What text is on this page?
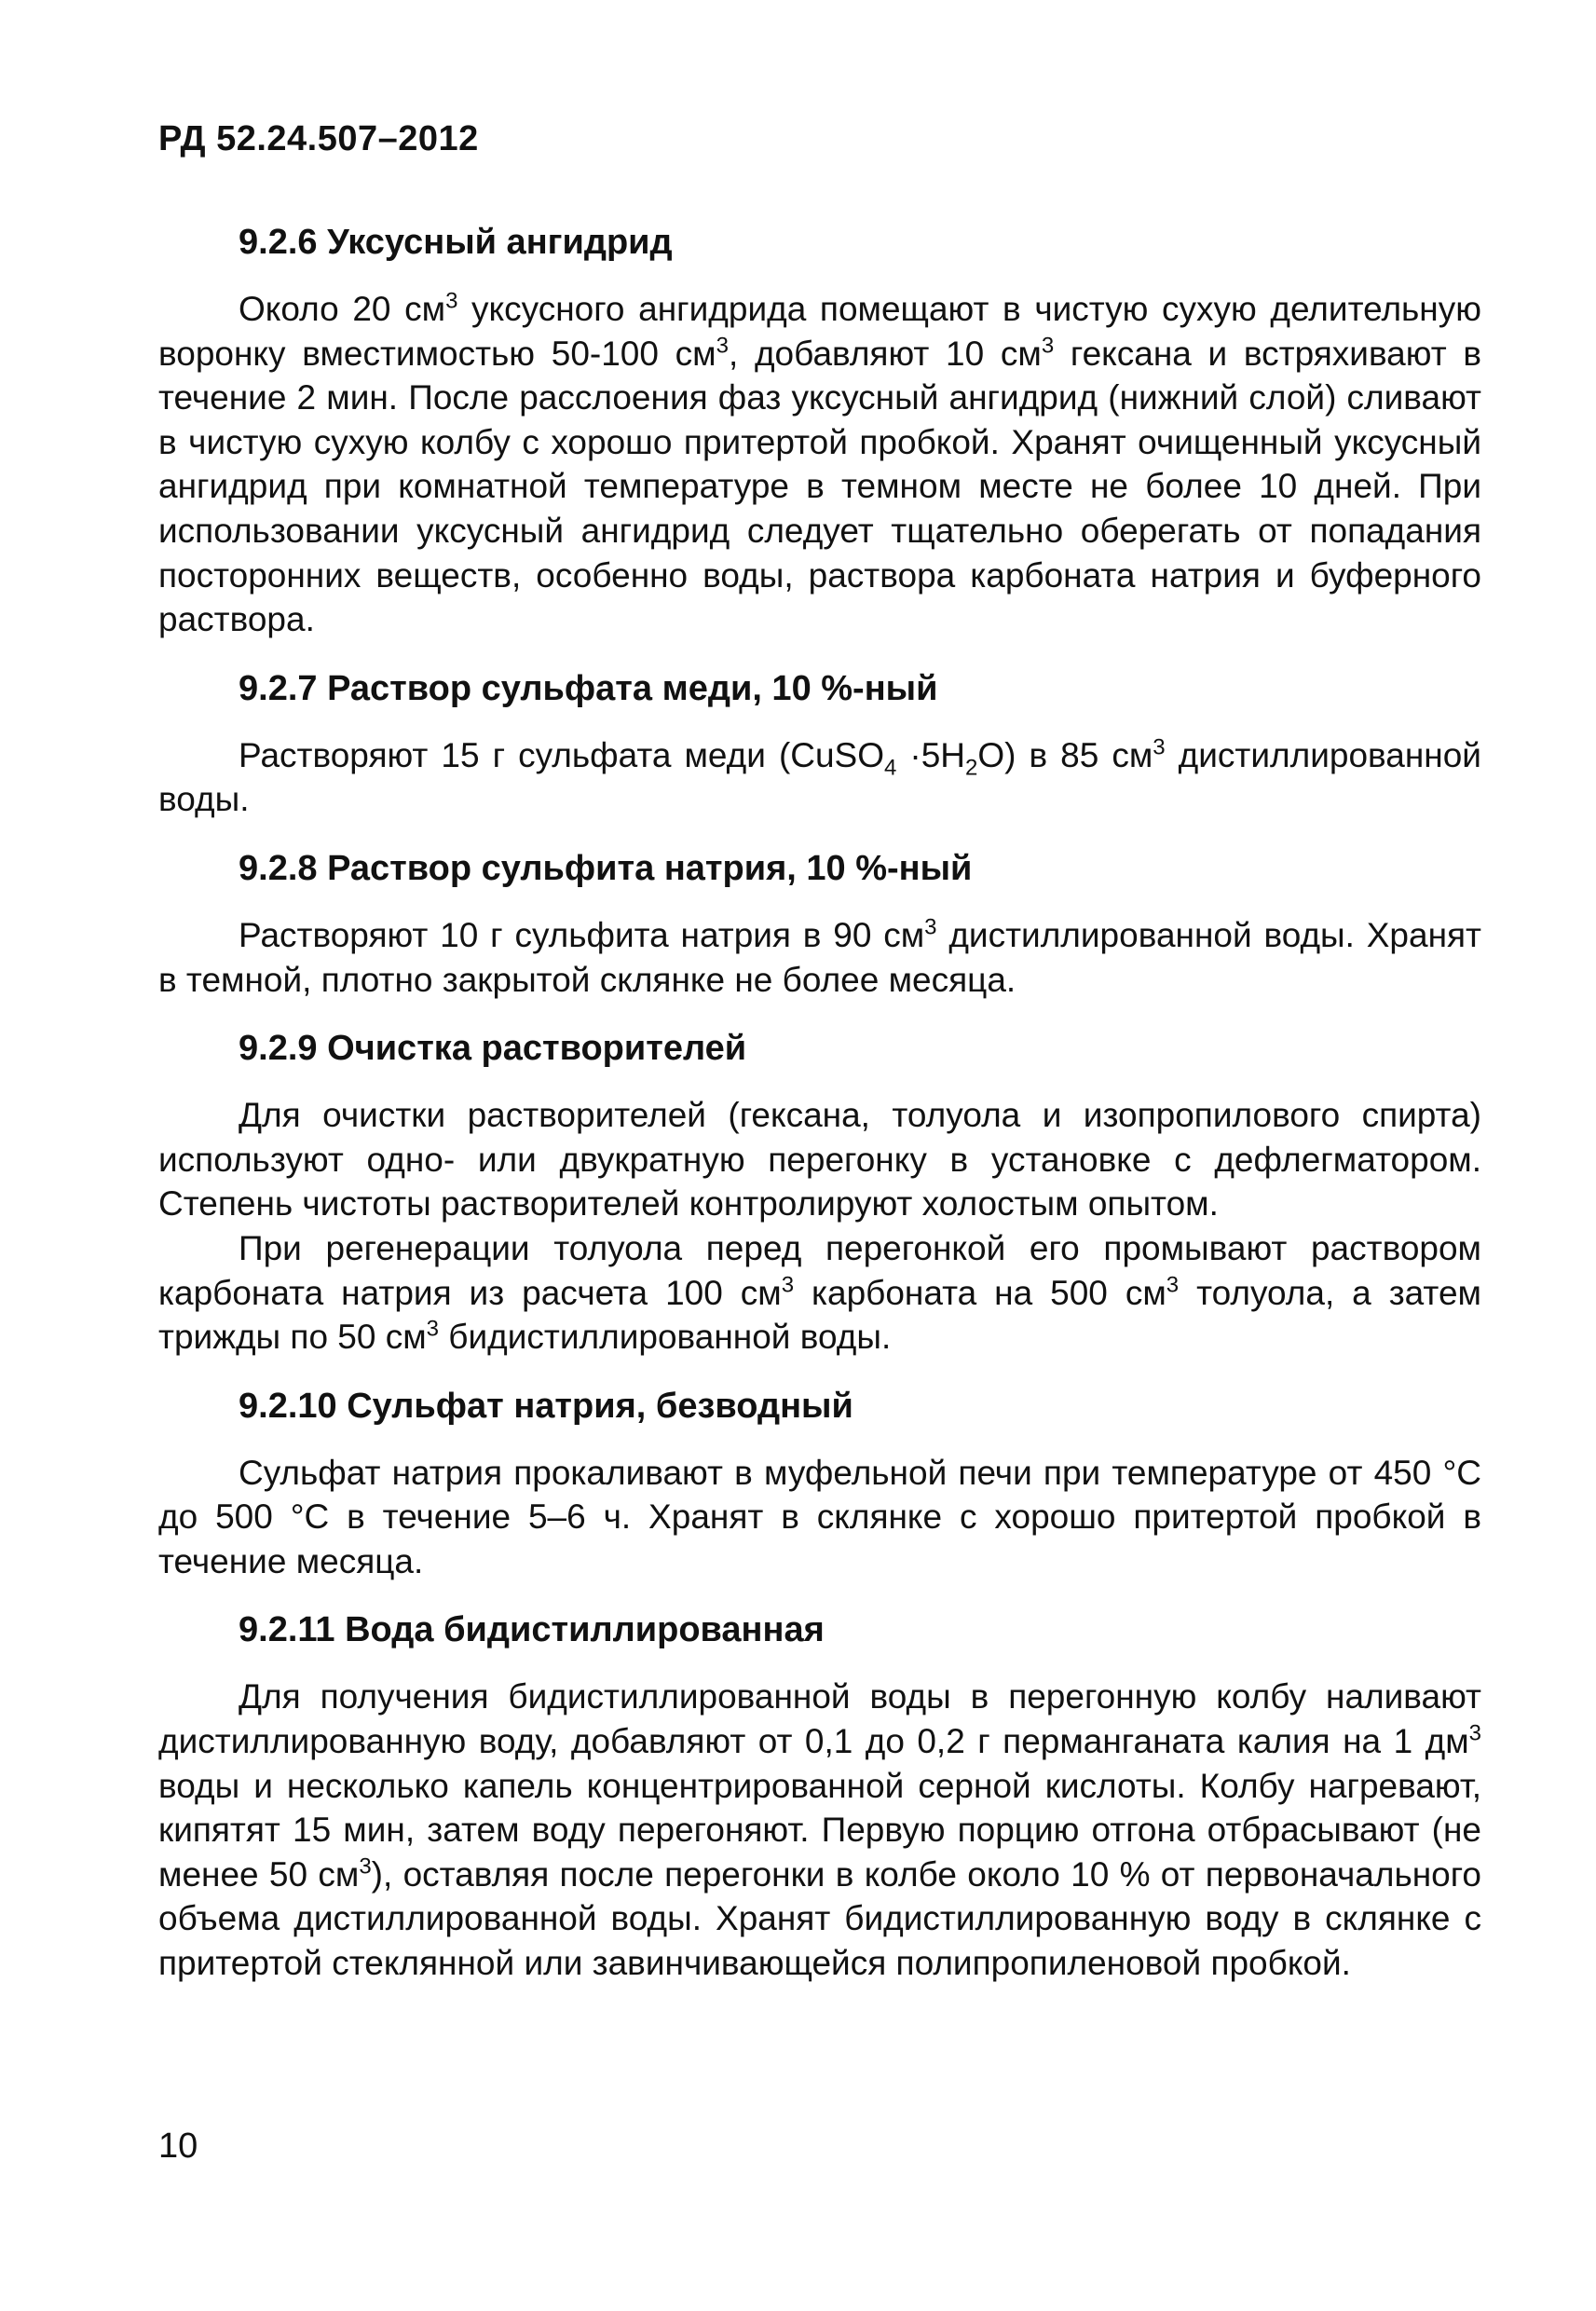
РД 52.24.507–2012
9.2.6 Уксусный ангидрид

Около 20 $см^3$ уксусного ангидрида помещают в чистую сухую делительную воронку вместимостью 50-100 $см^3$, добавляют 10 $см^3$ гексана и встряхивают в течение 2 мин. После расслоения фаз уксусный ангидрид (нижний слой) сливают в чистую сухую колбу с хорошо притертой пробкой. Хранят очищенный уксусный ангидрид при комнатной температуре в темном месте не более 10 дней. При использовании уксусный ангидрид следует тщательно оберегать от попадания посторонних веществ, особенно воды, раствора карбоната натрия и буферного раствора.

9.2.7 Раствор сульфата меди, 10 %-ный

Растворяют 15 г сульфата меди (CuSO$_4$ $\cdot 5H_2O$) в 85 $см^3$ дистиллированной воды.

9.2.8 Раствор сульфита натрия, 10 %-ный

Растворяют 10 г сульфита натрия в 90 $см^3$ дистиллированной воды. Хранят в темной, плотно закрытой склянке не более месяца.

9.2.9 Очистка растворителей

Для очистки растворителей (гексана, толуола и изопропилового спирта) используют одно- или двукратную перегонку в установке с дефлегматором. Степень чистоты растворителей контролируют холостым опытом.

При регенерации толуола перед перегонкой его промывают раствором карбоната натрия из расчета 100 $см^3$ карбоната на 500 $см^3$ толуола, а затем трижды по 50 $см^3$ бидистиллированной воды.

9.2.10 Сульфат натрия, безводный

Сульфат натрия прокаливают в муфельной печи при температуре от 450 °С до 500 °С в течение 5–6 ч. Хранят в склянке с хорошо притертой пробкой в течение месяца.

9.2.11 Вода бидистиллированная

Для получения бидистиллированной воды в перегонную колбу наливают дистиллированную воду, добавляют от 0,1 до 0,2 г перманганата калия на 1 $дм^3$ воды и несколько капель концентрированной серной кислоты. Колбу нагревают, кипятят 15 мин, затем воду перегоняют. Первую порцию отгона отбрасывают (не менее 50 $см^3$), оставляя после перегонки в колбе около 10 % от первоначального объема дистиллированной воды. Хранят бидистиллированную воду в склянке с притертой стеклянной или завинчивающейся полипропиленовой пробкой.

10
